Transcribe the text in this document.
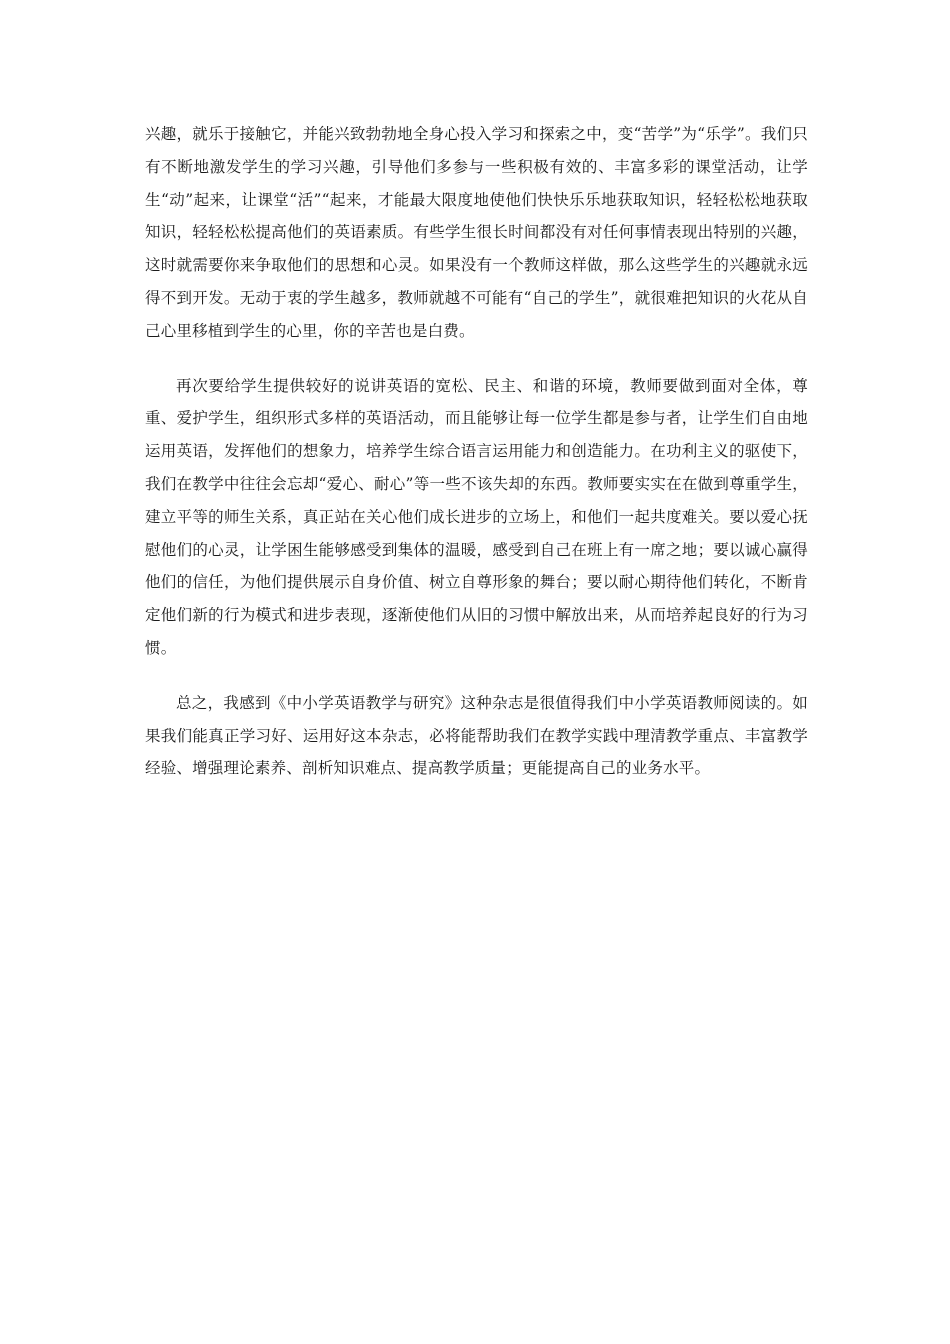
兴趣，就乐于接触它，并能兴致勃勃地全身心投入学习和探索之中，变“苦学”为“乐学”。我们只有不断地激发学生的学习兴趣，引导他们多参与一些积极有效的、丰富多彩的课堂活动，让学生“动”起来，让课堂“活”“起来，才能最大限度地使他们快快乐乐地获取知识，轻轻松松地获取知识，轻轻松松提高他们的英语素质。有些学生很长时间都没有对任何事情表现出特别的兴趣，这时就需要你来争取他们的思想和心灵。如果没有一个教师这样做，那么这些学生的兴趣就永远得不到开发。无动于衷的学生越多，教师就越不可能有“自己的学生”，就很难把知识的火花从自己心里移植到学生的心里，你的辛苦也是白费。

再次要给学生提供较好的说讲英语的宽松、民主、和谐的环境，教师要做到面对全体，尊重、爱护学生，组织形式多样的英语活动，而且能够让每一位学生都是参与者，让学生们自由地运用英语，发挥他们的想象力，培养学生综合语言运用能力和创造能力。在功利主义的驱使下，我们在教学中往往会忘却“爱心、耐心”等一些不该失却的东西。教师要实实在在做到尊重学生，建立平等的师生关系，真正站在关心他们成长进步的立场上，和他们一起共度难关。要以爱心抚慰他们的心灵，让学困生能够感受到集体的温暖，感受到自己在班上有一席之地；要以诚心赢得他们的信任，为他们提供展示自身价值、树立自尊形象的舞台；要以耐心期待他们转化，不断肯定他们新的行为模式和进步表现，逐渐使他们从旧的习惯中解放出来，从而培养起良好的行为习惯。

总之，我感到《中小学英语教学与研究》这种杂志是很值得我们中小学英语教师阅读的。如果我们能真正学习好、运用好这本杂志，必将能帮助我们在教学实践中理清教学重点、丰富教学经验、增强理论素养、剖析知识难点、提高教学质量；更能提高自己的业务水平。
